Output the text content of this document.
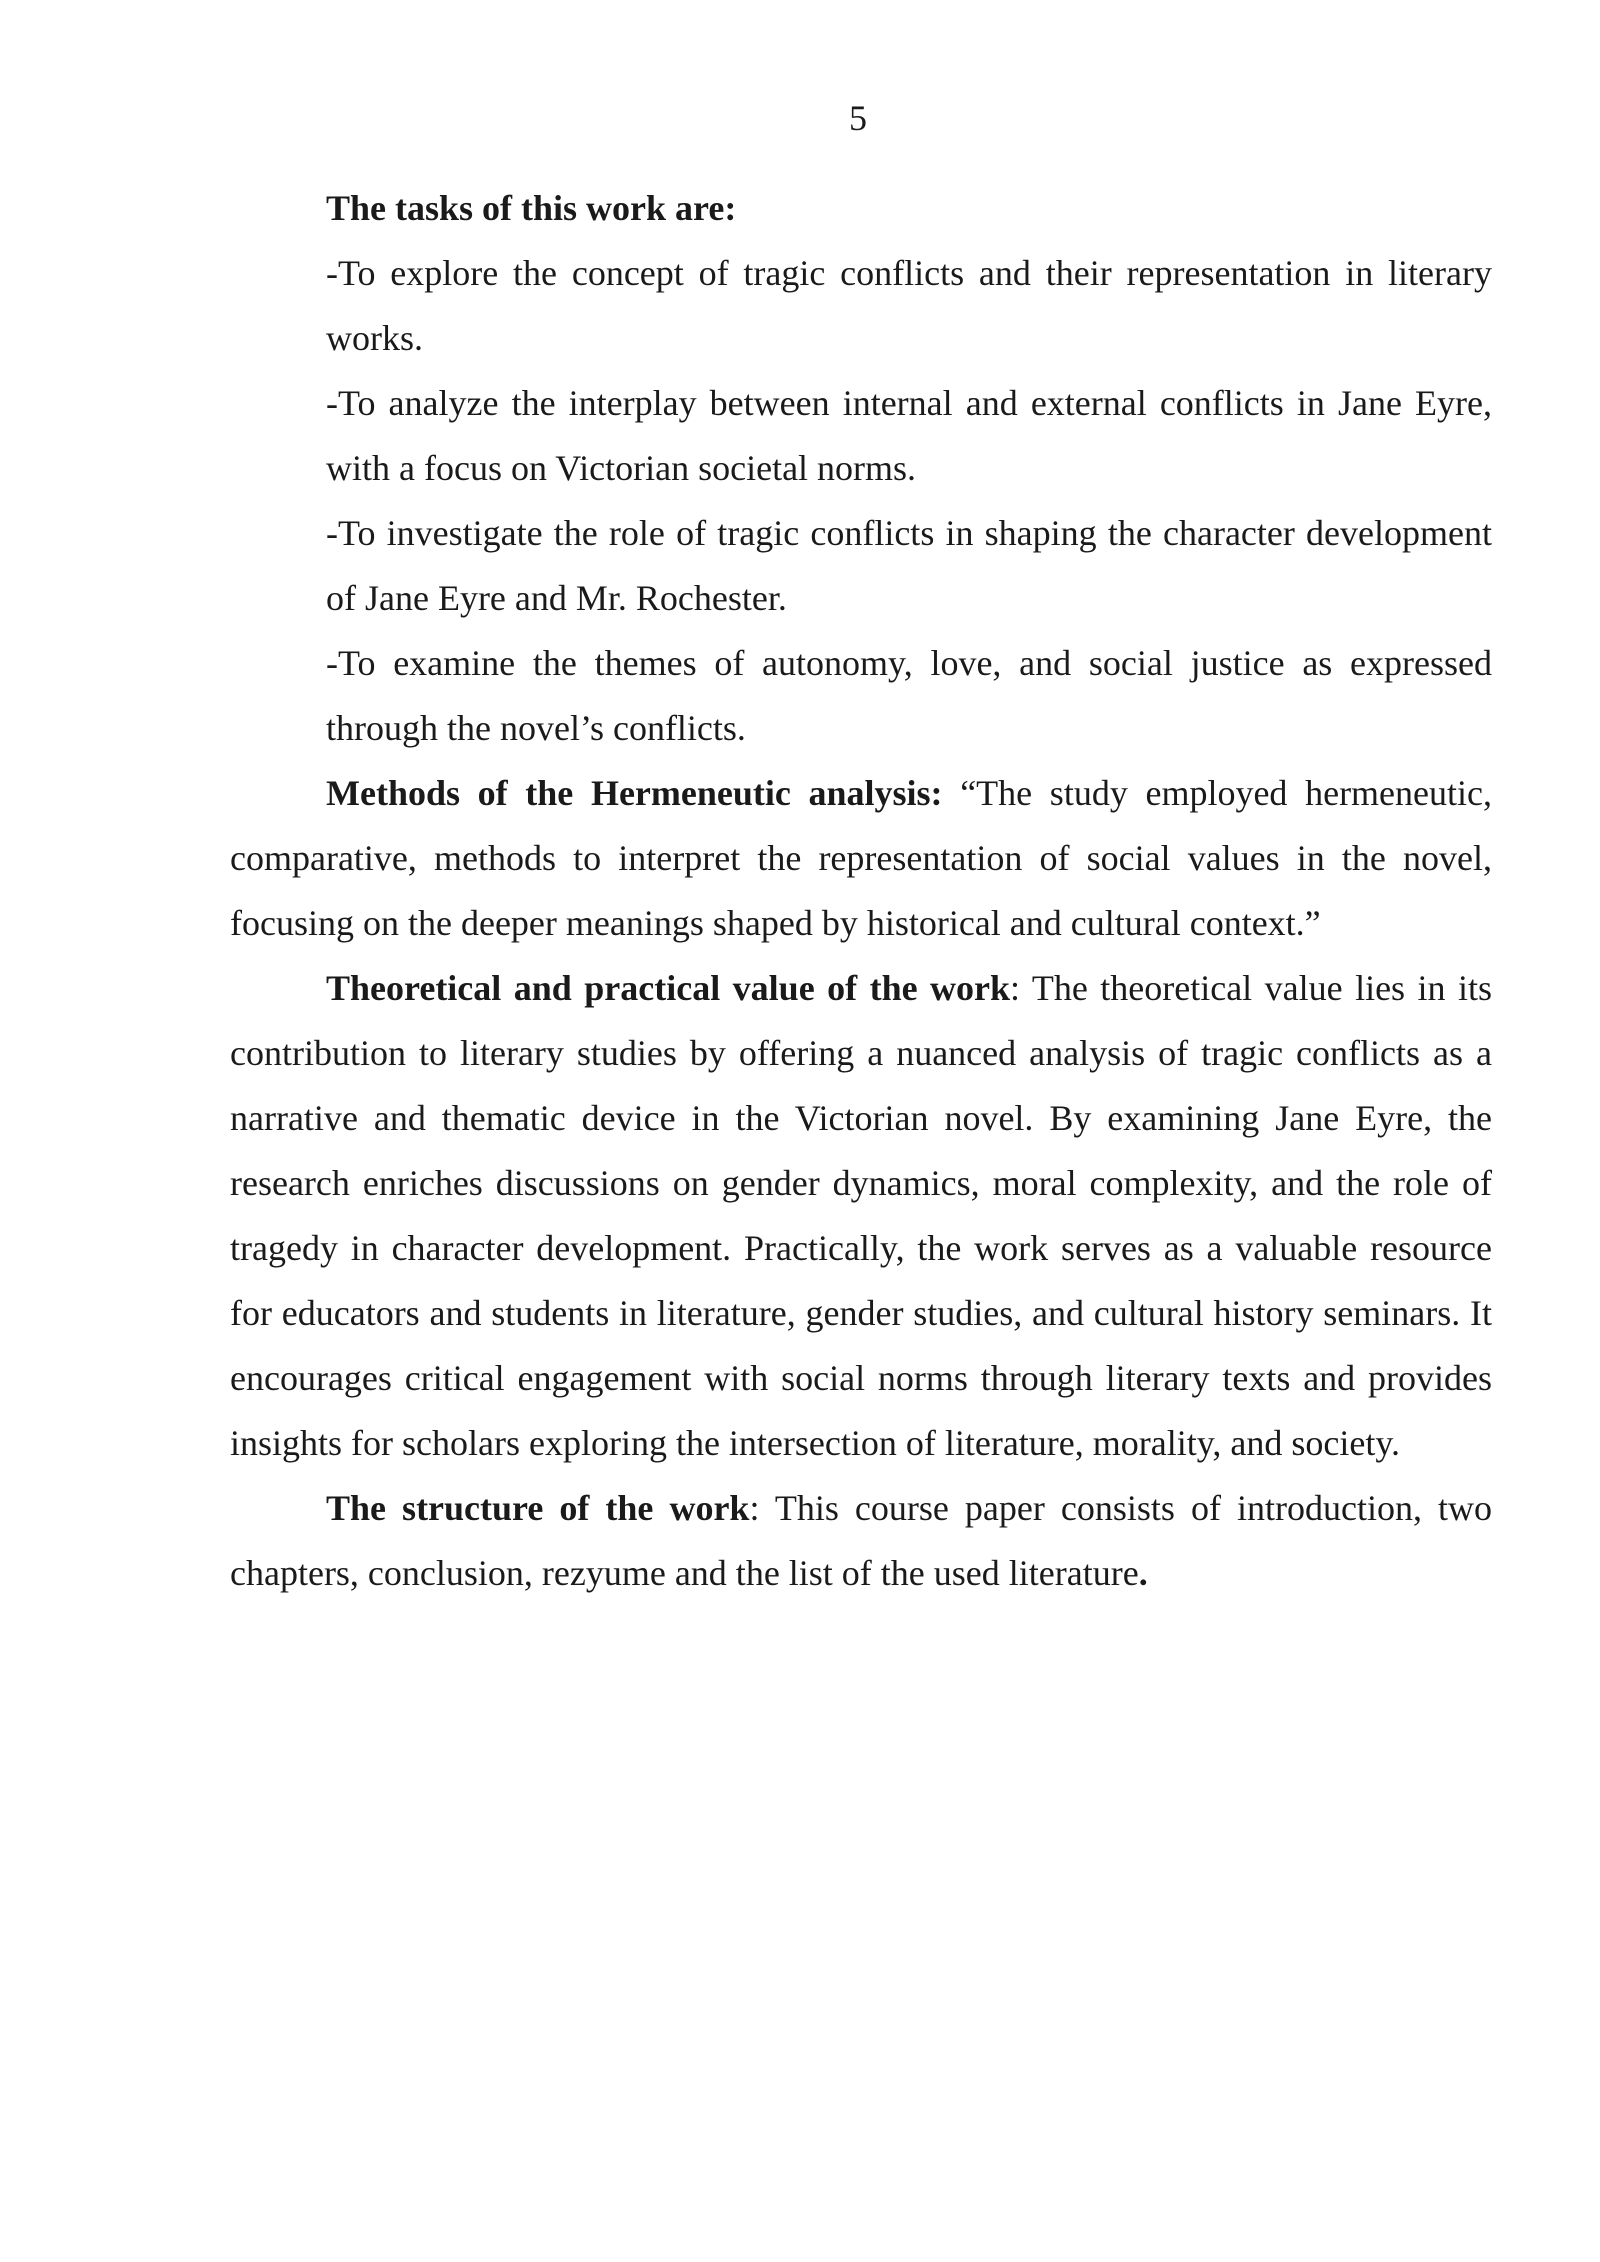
5

The tasks of this work are:

-To explore the concept of tragic conflicts and their representation in literary works.

-To analyze the interplay between internal and external conflicts in Jane Eyre, with a focus on Victorian societal norms.

-To investigate the role of tragic conflicts in shaping the character development of Jane Eyre and Mr. Rochester.

-To examine the themes of autonomy, love, and social justice as expressed through the novel’s conflicts.

Methods of the Hermeneutic analysis: “The study employed hermeneutic, comparative, methods to interpret the representation of social values in the novel, focusing on the deeper meanings shaped by historical and cultural context.”

Theoretical and practical value of the work: The theoretical value lies in its contribution to literary studies by offering a nuanced analysis of tragic conflicts as a narrative and thematic device in the Victorian novel. By examining Jane Eyre, the research enriches discussions on gender dynamics, moral complexity, and the role of tragedy in character development. Practically, the work serves as a valuable resource for educators and students in literature, gender studies, and cultural history seminars. It encourages critical engagement with social norms through literary texts and provides insights for scholars exploring the intersection of literature, morality, and society.

The structure of the work: This course paper consists of introduction, two chapters, conclusion, rezyume and the list of the used literature.
